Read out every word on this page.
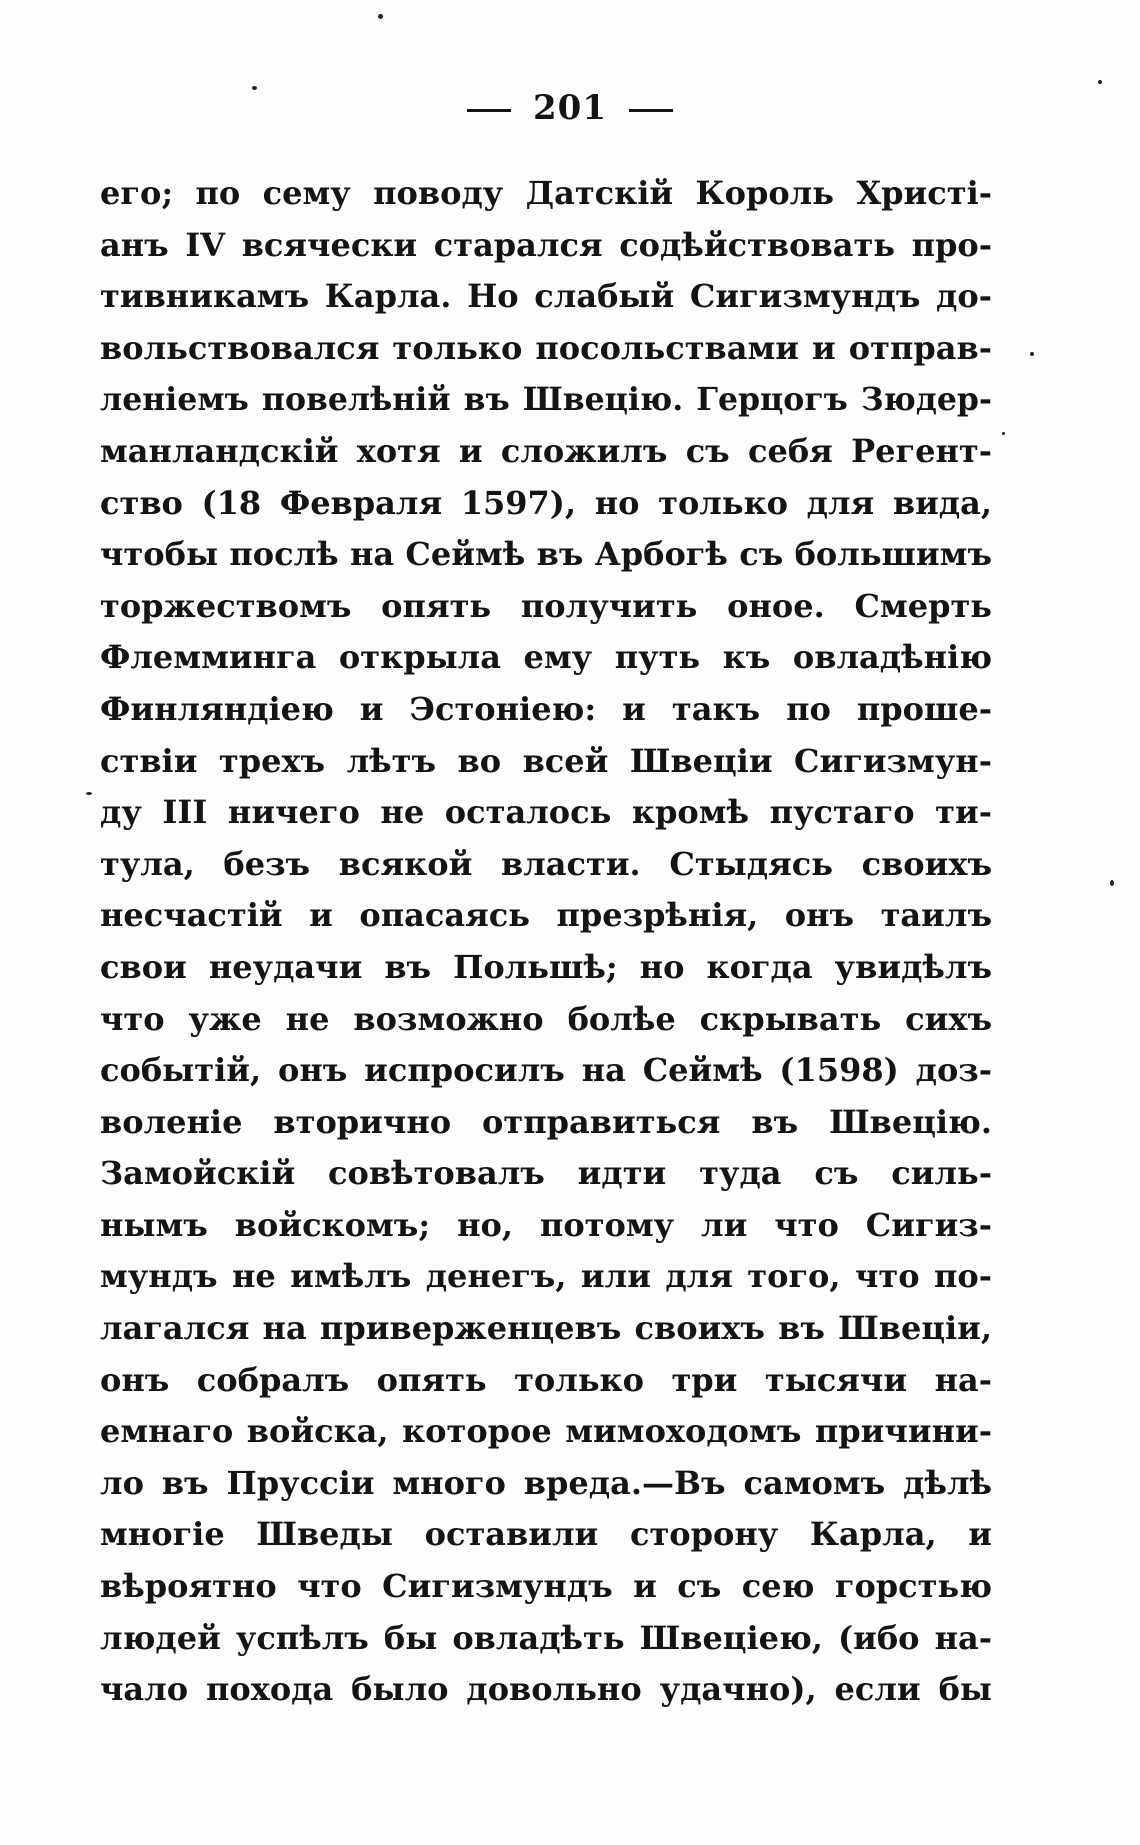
201
его; по сему поводу Датскій Король Христі-
анъ IV всячески старался содѣйствовать про-
тивникамъ Карла. Но слабый Сигизмундъ до-
вольствовался только посольствами и отправ-
леніемъ повелѣній въ Швецію. Герцогъ Зюдер-
манландскій хотя и сложилъ съ себя Регент-
ство (18 Февраля 1597), но только для вида,
чтобы послѣ на Сеймѣ въ Арбогѣ съ большимъ
торжествомъ опять получить оное. Смерть
Флемминга открыла ему путь къ овладѣнію
Финляндіею и Эстоніею: и такъ по проше-
ствіи трехъ лѣтъ во всей Швеціи Сигизмун-
ду III ничего не осталось кромѣ пустаго ти-
тула, безъ всякой власти. Стыдясь своихъ
несчастій и опасаясь презрѣнія, онъ таилъ
свои неудачи въ Польшѣ; но когда увидѣлъ
что уже не возможно болѣе скрывать сихъ
событій, онъ испросилъ на Сеймѣ (1598) доз-
воленіе вторично отправиться въ Швецію.
Замойскій совѣтовалъ идти туда съ силь-
нымъ войскомъ; но, потому ли что Сигиз-
мундъ не имѣлъ денегъ, или для того, что по-
лагался на приверженцевъ своихъ въ Швеціи,
онъ собралъ опять только три тысячи на-
емнаго войска, которое мимоходомъ причини-
ло въ Пруссіи много вреда.—Въ самомъ дѣлѣ
многіе Шведы оставили сторону Карла, и
вѣроятно что Сигизмундъ и съ сею горстью
людей успѣлъ бы овладѣть Швеціею, (ибо на-
чало похода было довольно удачно), если бы
